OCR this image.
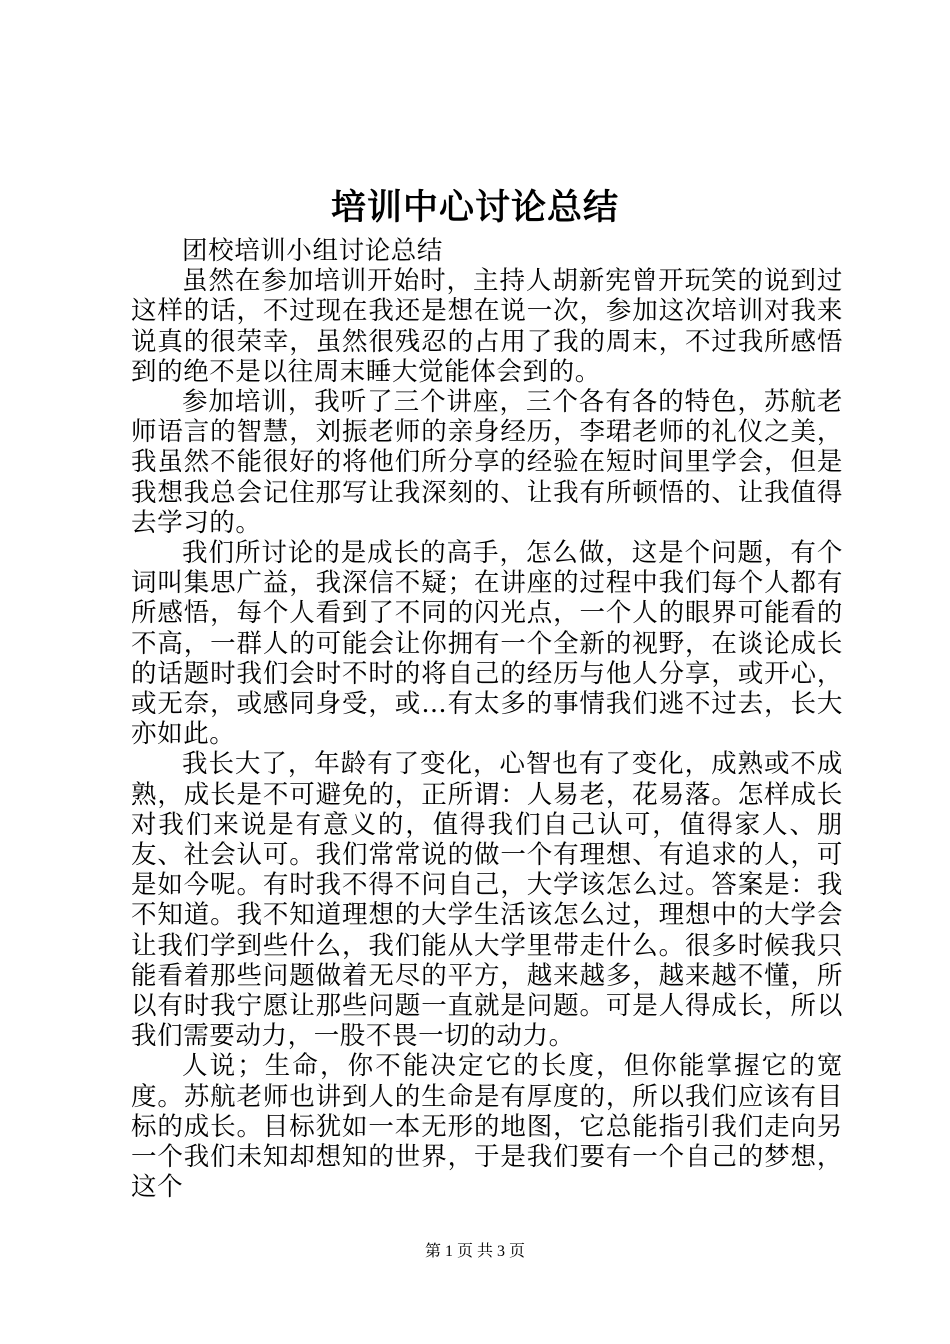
培训中心讨论总结

团校培训小组讨论总结

虽然在参加培训开始时，主持人胡新宪曾开玩笑的说到过这样的话，不过现在我还是想在说一次，参加这次培训对我来说真的很荣幸，虽然很残忍的占用了我的周末，不过我所感悟到的绝不是以往周末睡大觉能体会到的。

参加培训，我听了三个讲座，三个各有各的特色，苏航老师语言的智慧，刘振老师的亲身经历，李珺老师的礼仪之美，我虽然不能很好的将他们所分享的经验在短时间里学会，但是我想我总会记住那写让我深刻的、让我有所顿悟的、让我值得去学习的。

我们所讨论的是成长的高手，怎么做，这是个问题，有个词叫集思广益，我深信不疑；在讲座的过程中我们每个人都有所感悟，每个人看到了不同的闪光点，一个人的眼界可能看的不高，一群人的可能会让你拥有一个全新的视野，在谈论成长的话题时我们会时不时的将自己的经历与他人分享，或开心，或无奈，或感同身受，或…有太多的事情我们逃不过去，长大亦如此。

我长大了，年龄有了变化，心智也有了变化，成熟或不成熟，成长是不可避免的，正所谓：人易老，花易落。怎样成长对我们来说是有意义的，值得我们自己认可，值得家人、朋友、社会认可。我们常常说的做一个有理想、有追求的人，可是如今呢。有时我不得不问自己，大学该怎么过。答案是：我不知道。我不知道理想的大学生活该怎么过，理想中的大学会让我们学到些什么，我们能从大学里带走什么。很多时候我只能看着那些问题做着无尽的平方，越来越多，越来越不懂，所以有时我宁愿让那些问题一直就是问题。可是人得成长，所以我们需要动力，一股不畏一切的动力。

人说；生命，你不能决定它的长度，但你能掌握它的宽度。苏航老师也讲到人的生命是有厚度的，所以我们应该有目标的成长。目标犹如一本无形的地图，它总能指引我们走向另一个我们未知却想知的世界，于是我们要有一个自己的梦想，这个

第 1 页 共 3 页
